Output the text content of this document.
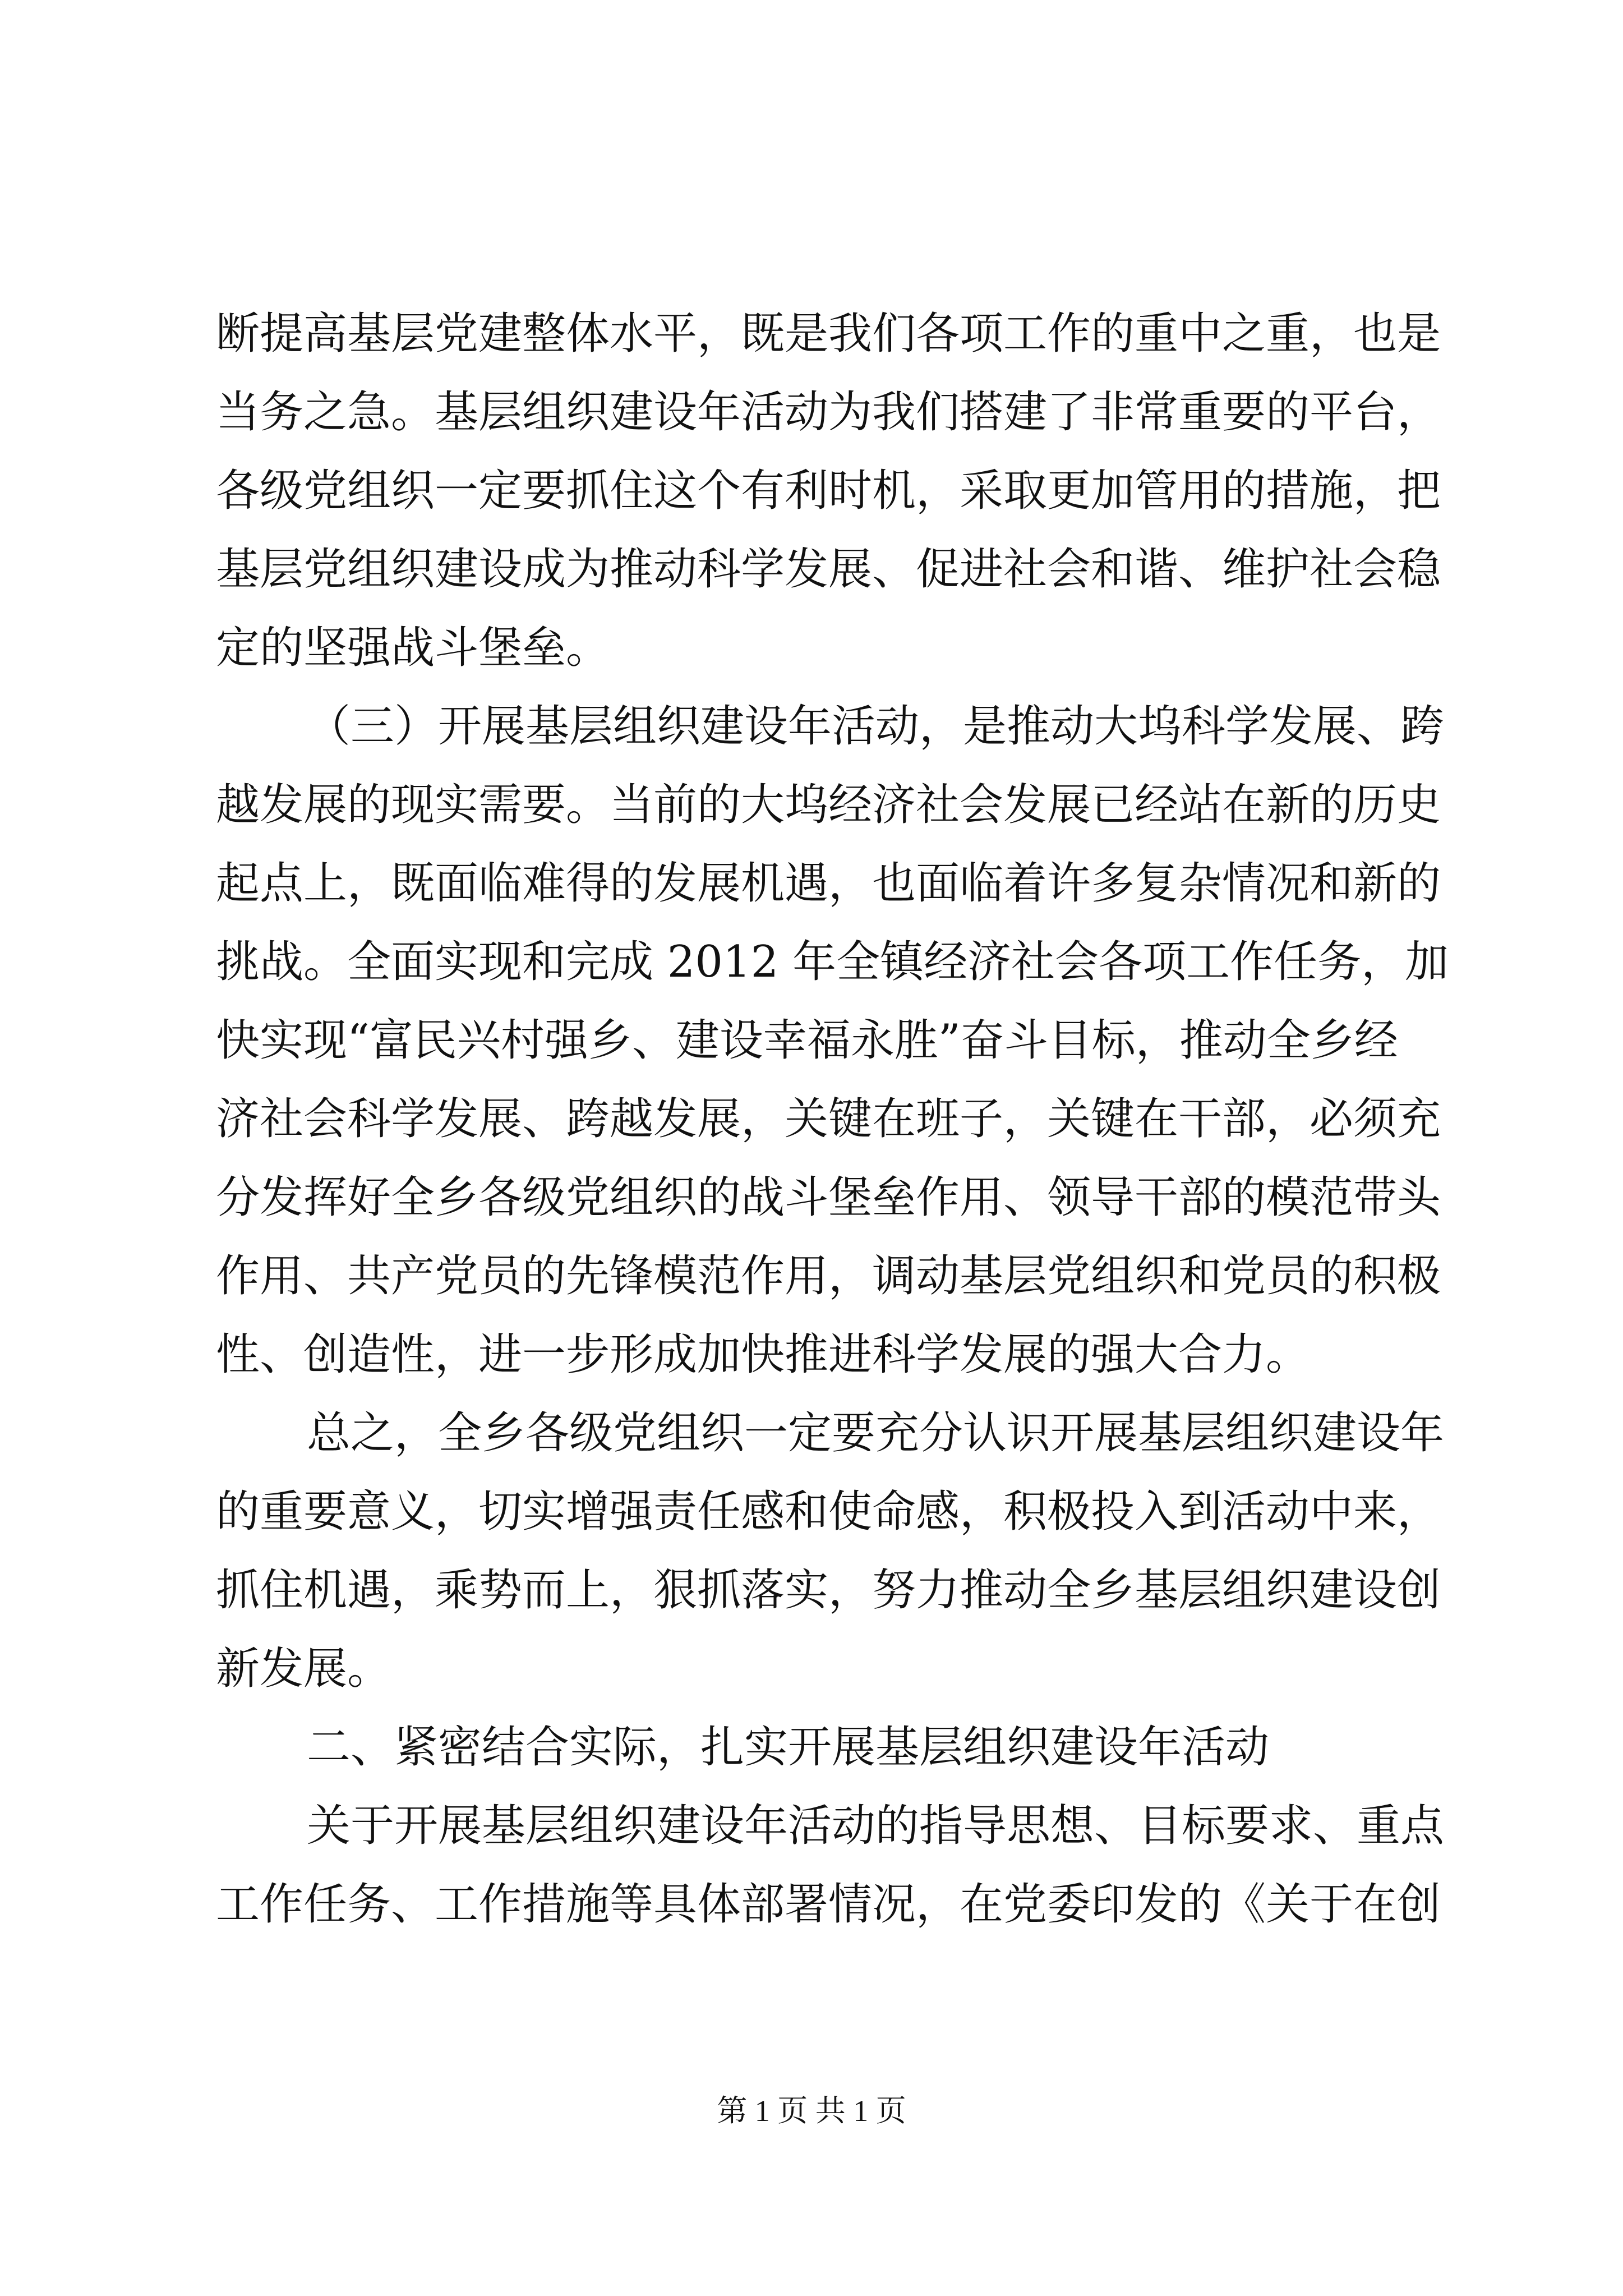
断提高基层党建整体水平，既是我们各项工作的重中之重，也是
当务之急。基层组织建设年活动为我们搭建了非常重要的平台，
各级党组织一定要抓住这个有利时机，采取更加管用的措施，把
基层党组织建设成为推动科学发展、促进社会和谐、维护社会稳
定的坚强战斗堡垒。
（三）开展基层组织建设年活动，是推动大坞科学发展、跨
越发展的现实需要。当前的大坞经济社会发展已经站在新的历史
起点上，既面临难得的发展机遇，也面临着许多复杂情况和新的
挑战。全面实现和完成 2012 年全镇经济社会各项工作任务，加
快实现“富民兴村强乡、建设幸福永胜”奋斗目标，推动全乡经
济社会科学发展、跨越发展，关键在班子，关键在干部，必须充
分发挥好全乡各级党组织的战斗堡垒作用、领导干部的模范带头
作用、共产党员的先锋模范作用，调动基层党组织和党员的积极
性、创造性，进一步形成加快推进科学发展的强大合力。
总之，全乡各级党组织一定要充分认识开展基层组织建设年
的重要意义，切实增强责任感和使命感，积极投入到活动中来，
抓住机遇，乘势而上，狠抓落实，努力推动全乡基层组织建设创
新发展。
二、紧密结合实际，扎实开展基层组织建设年活动
关于开展基层组织建设年活动的指导思想、目标要求、重点
工作任务、工作措施等具体部署情况，在党委印发的《关于在创
第 1 页 共 1 页
